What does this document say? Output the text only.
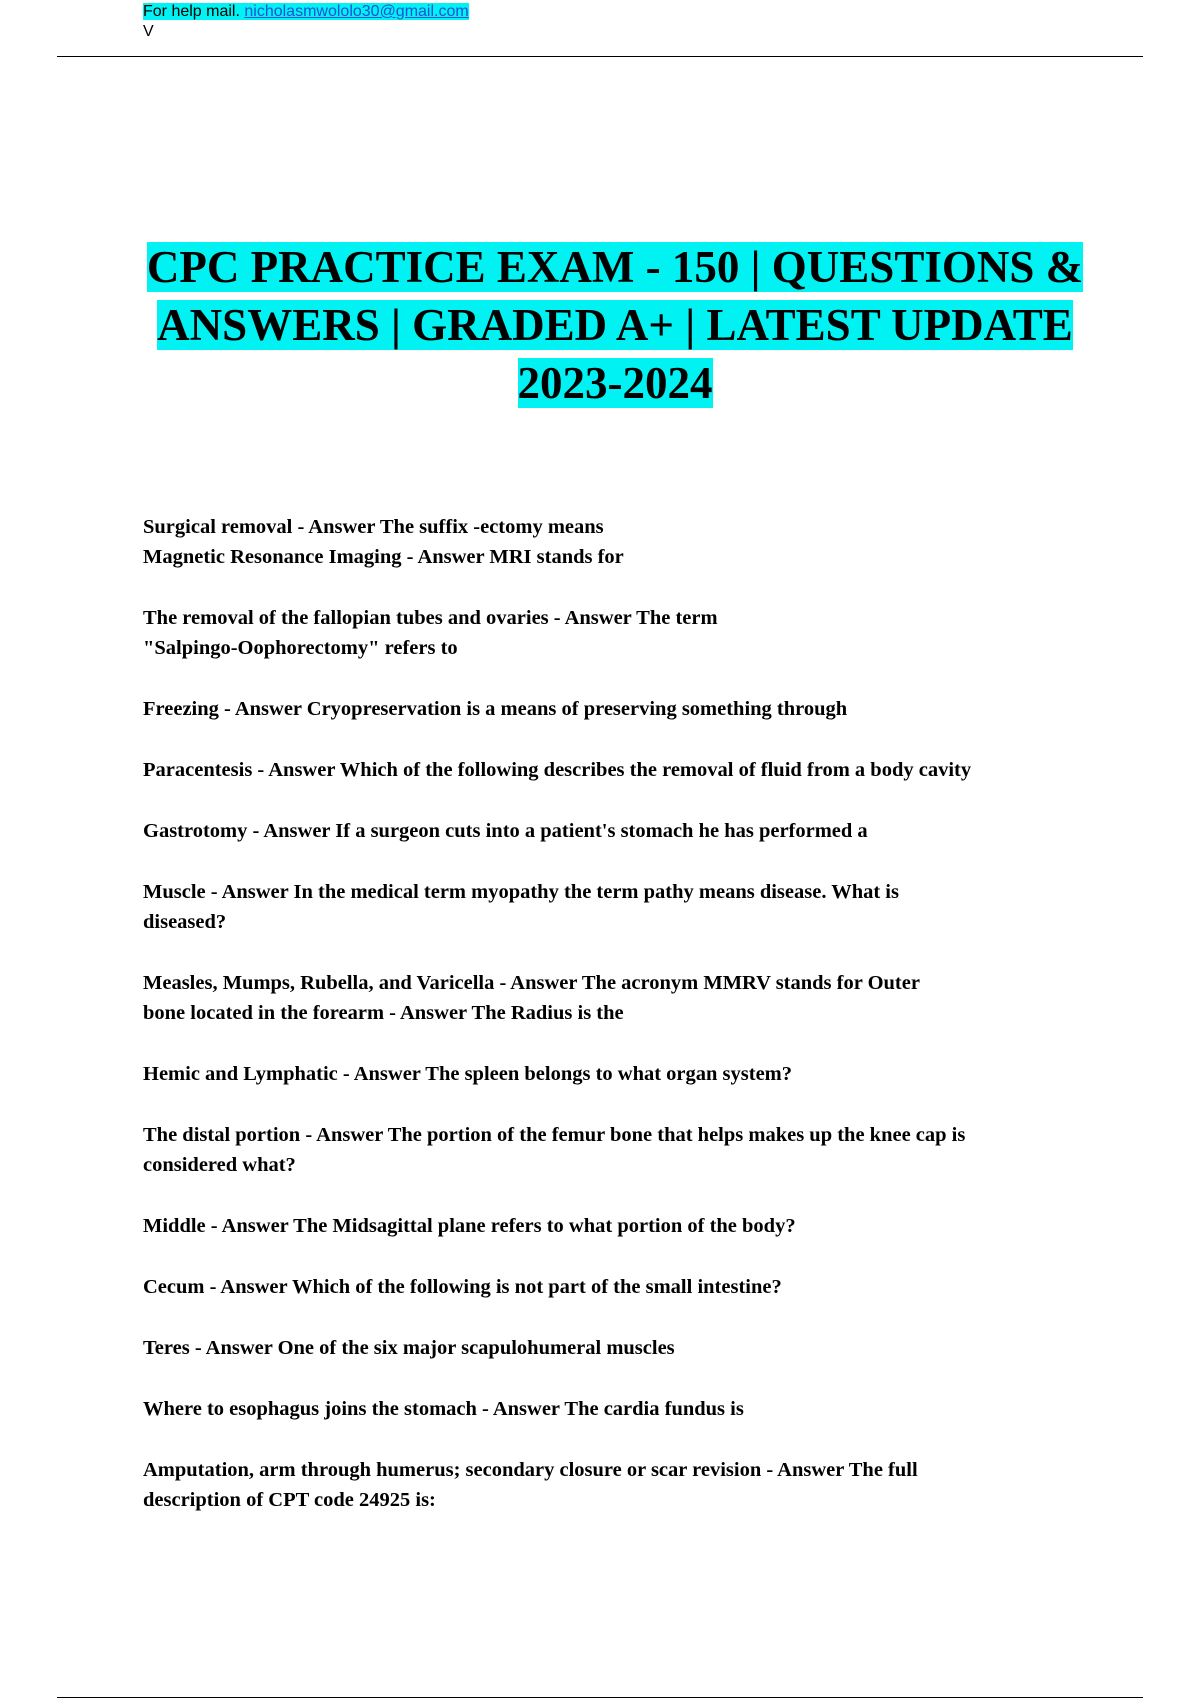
For help mail. nicholasmwololo30@gmail.com
V
CPC PRACTICE EXAM - 150 | QUESTIONS &
ANSWERS | GRADED A+ | LATEST UPDATE
2023-2024

Surgical removal - Answer The suffix -ectomy means
Magnetic Resonance Imaging - Answer MRI stands for

The removal of the fallopian tubes and ovaries - Answer The term
"Salpingo-Oophorectomy" refers to

Freezing - Answer Cryopreservation is a means of preserving something through

Paracentesis - Answer Which of the following describes the removal of fluid from a body cavity

Gastrotomy - Answer If a surgeon cuts into a patient's stomach he has performed a

Muscle - Answer In the medical term myopathy the term pathy means disease. What is
diseased?

Measles, Mumps, Rubella, and Varicella - Answer The acronym MMRV stands for Outer
bone located in the forearm - Answer The Radius is the

Hemic and Lymphatic - Answer The spleen belongs to what organ system?

The distal portion - Answer The portion of the femur bone that helps makes up the knee cap is
considered what?

Middle - Answer The Midsagittal plane refers to what portion of the body?

Cecum - Answer Which of the following is not part of the small intestine?

Teres - Answer One of the six major scapulohumeral muscles

Where to esophagus joins the stomach - Answer The cardia fundus is

Amputation, arm through humerus; secondary closure or scar revision - Answer The full
description of CPT code 24925 is:
